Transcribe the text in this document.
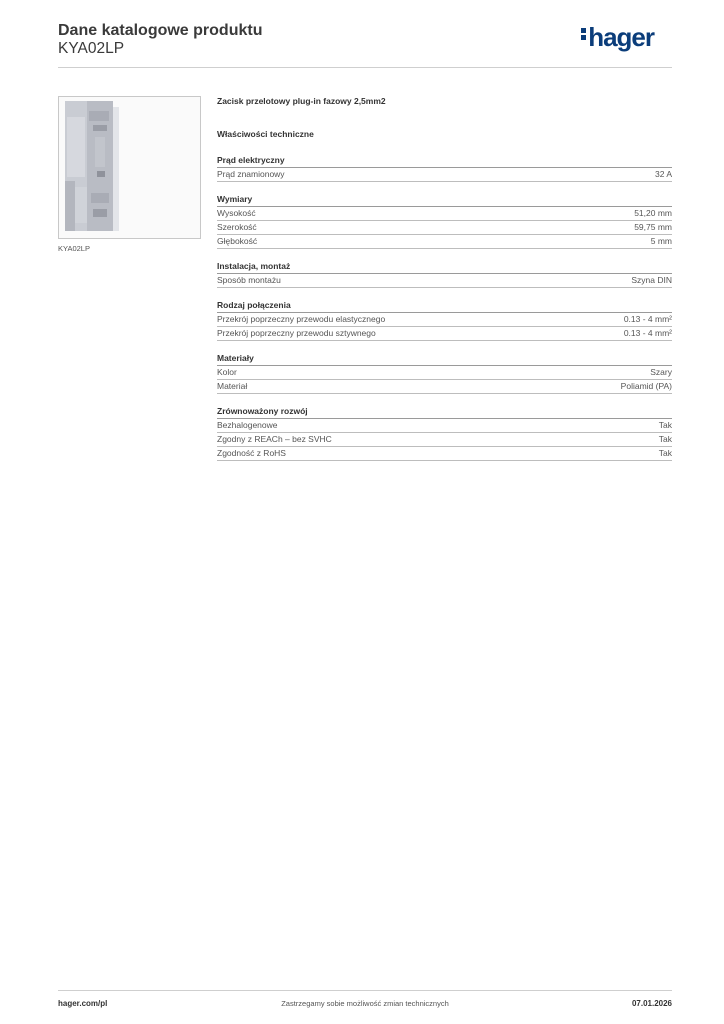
Dane katalogowe produktu
KYA02LP	hager
KYA02LP
Zacisk przelotowy plug-in fazowy 2,5mm2
Właściwości techniczne
Prąd elektryczny
Prąd znamionowy	32 A
Wymiary
Wysokość	51,20 mm
Szerokość	59,75 mm
Głębokość	5 mm
Instalacja, montaż
Sposób montażu	Szyna DIN
Rodzaj połączenia
Przekrój poprzeczny przewodu elastycznego	0.13 - 4 mm²
Przekrój poprzeczny przewodu sztywnego	0.13 - 4 mm²
Materiały
Kolor	Szary
Materiał	Poliamid (PA)
Zrównoważony rozwój
Bezhalogenowe	Tak
Zgodny z REACh – bez SVHC	Tak
Zgodność z RoHS	Tak
hager.com/pl	Zastrzegamy sobie możliwość zmian technicznych	07.01.2026
